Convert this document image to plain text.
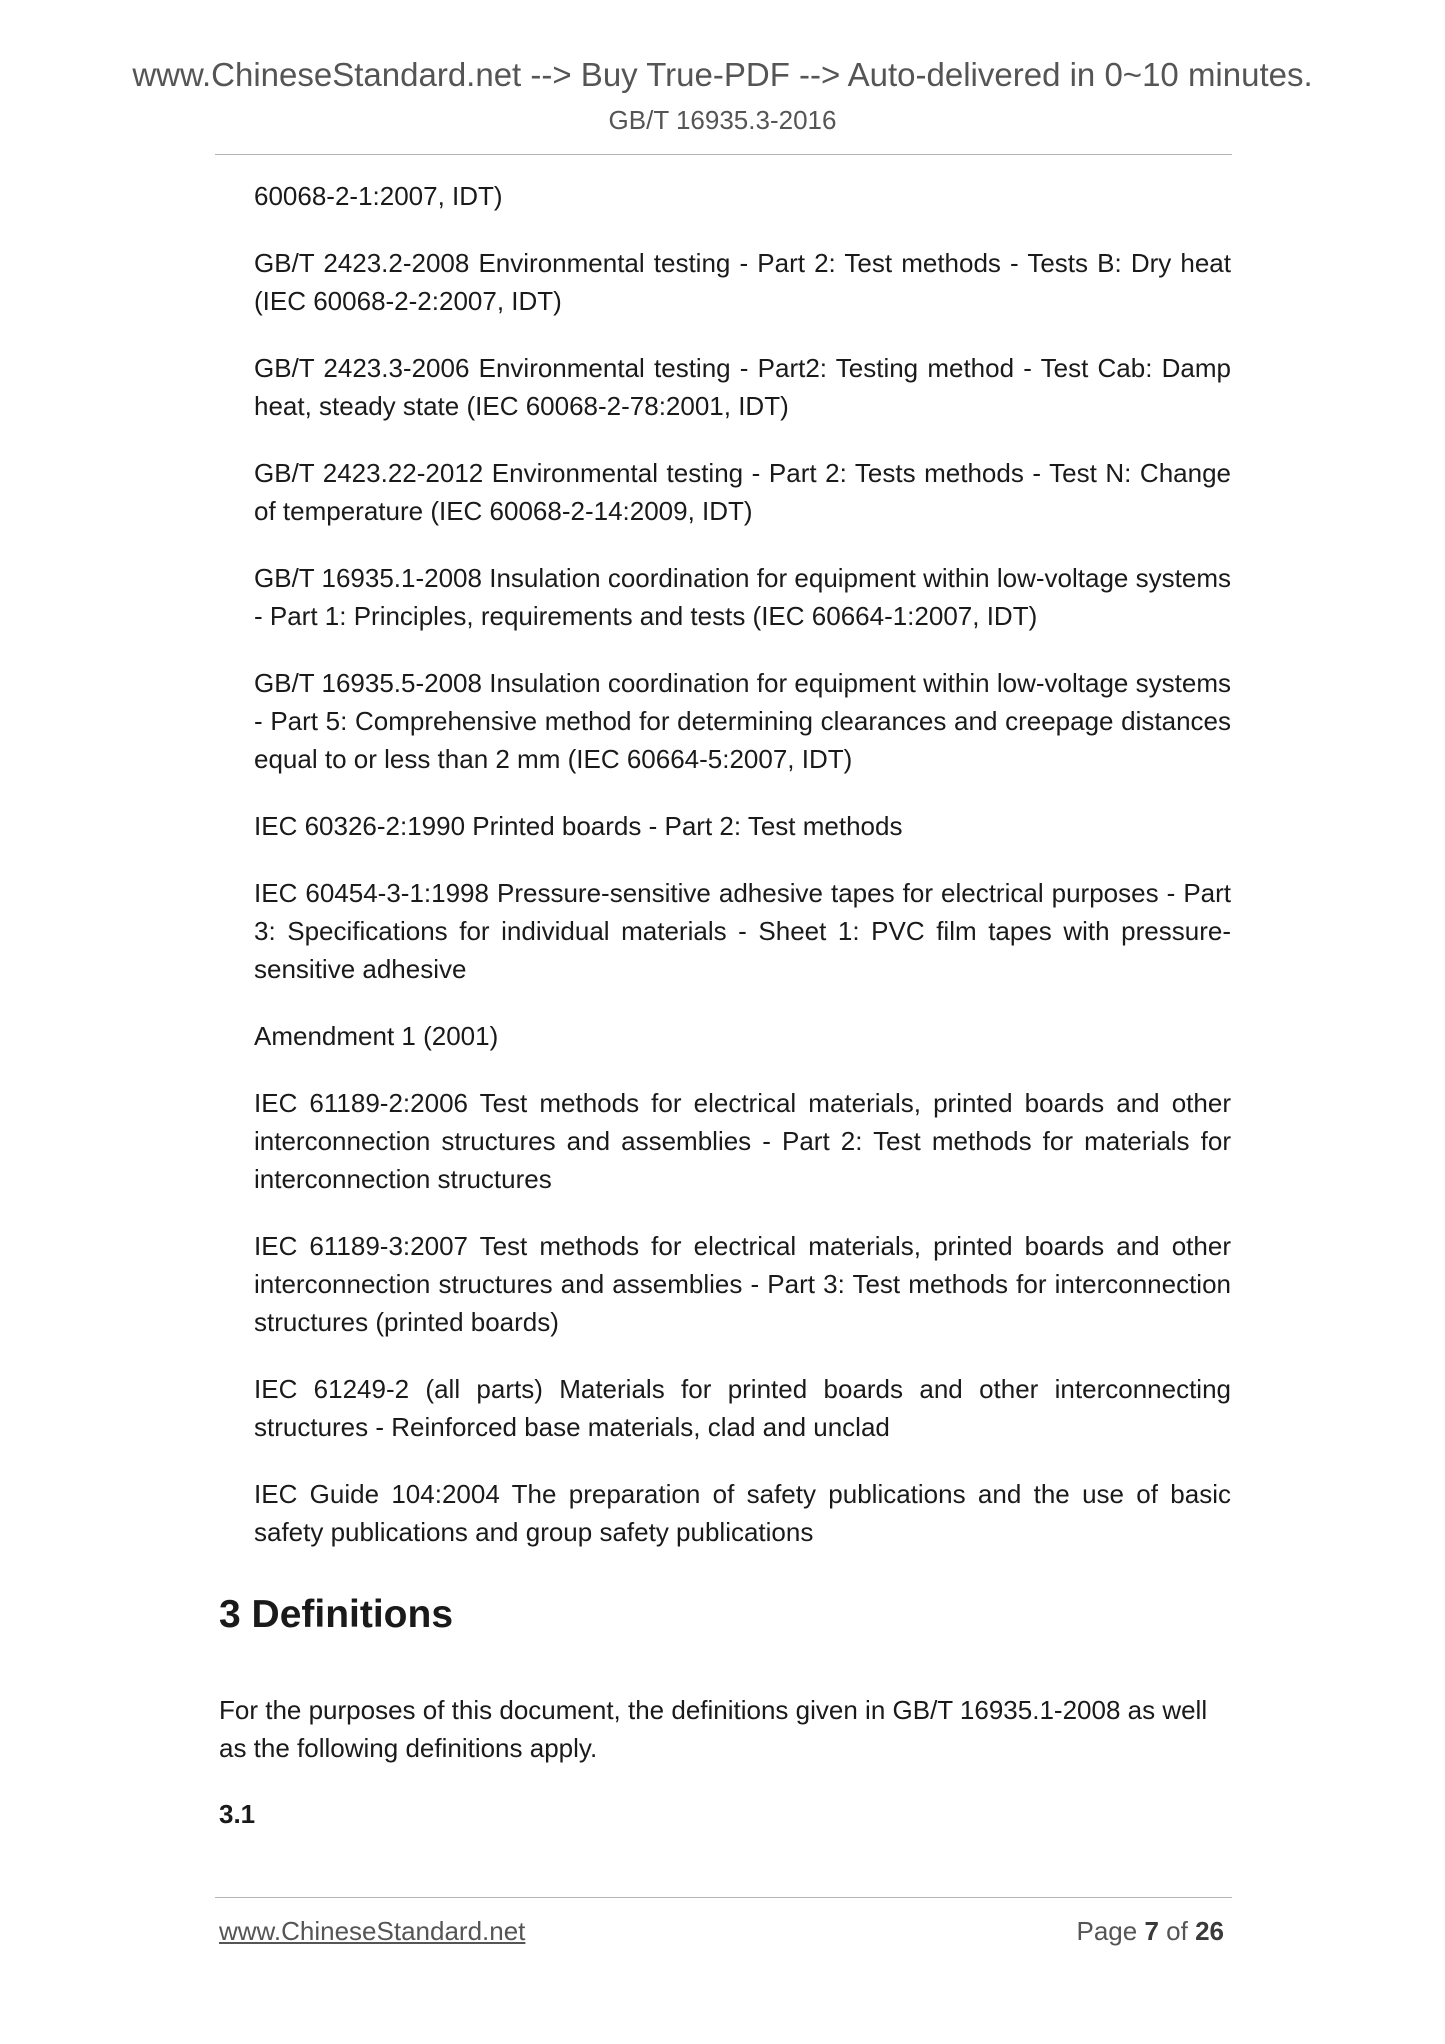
www.ChineseStandard.net --> Buy True-PDF --> Auto-delivered in 0~10 minutes.
GB/T 16935.3-2016

60068-2-1:2007, IDT)

GB/T 2423.2-2008 Environmental testing - Part 2: Test methods - Tests B: Dry heat (IEC 60068-2-2:2007, IDT)

GB/T 2423.3-2006 Environmental testing - Part2: Testing method - Test Cab: Damp heat, steady state (IEC 60068-2-78:2001, IDT)

GB/T 2423.22-2012 Environmental testing - Part 2: Tests methods - Test N: Change of temperature (IEC 60068-2-14:2009, IDT)

GB/T 16935.1-2008 Insulation coordination for equipment within low-voltage systems - Part 1: Principles, requirements and tests (IEC 60664-1:2007, IDT)

GB/T 16935.5-2008 Insulation coordination for equipment within low-voltage systems - Part 5: Comprehensive method for determining clearances and creepage distances equal to or less than 2 mm (IEC 60664-5:2007, IDT)

IEC 60326-2:1990 Printed boards - Part 2: Test methods

IEC 60454-3-1:1998 Pressure-sensitive adhesive tapes for electrical purposes - Part 3: Specifications for individual materials - Sheet 1: PVC film tapes with pressure-sensitive adhesive

Amendment 1 (2001)

IEC 61189-2:2006 Test methods for electrical materials, printed boards and other interconnection structures and assemblies - Part 2: Test methods for materials for interconnection structures

IEC 61189-3:2007 Test methods for electrical materials, printed boards and other interconnection structures and assemblies - Part 3: Test methods for interconnection structures (printed boards)

IEC 61249-2 (all parts) Materials for printed boards and other interconnecting structures - Reinforced base materials, clad and unclad

IEC Guide 104:2004 The preparation of safety publications and the use of basic safety publications and group safety publications

3 Definitions

For the purposes of this document, the definitions given in GB/T 16935.1-2008 as well as the following definitions apply.

3.1

www.ChineseStandard.net	Page 7 of 26
